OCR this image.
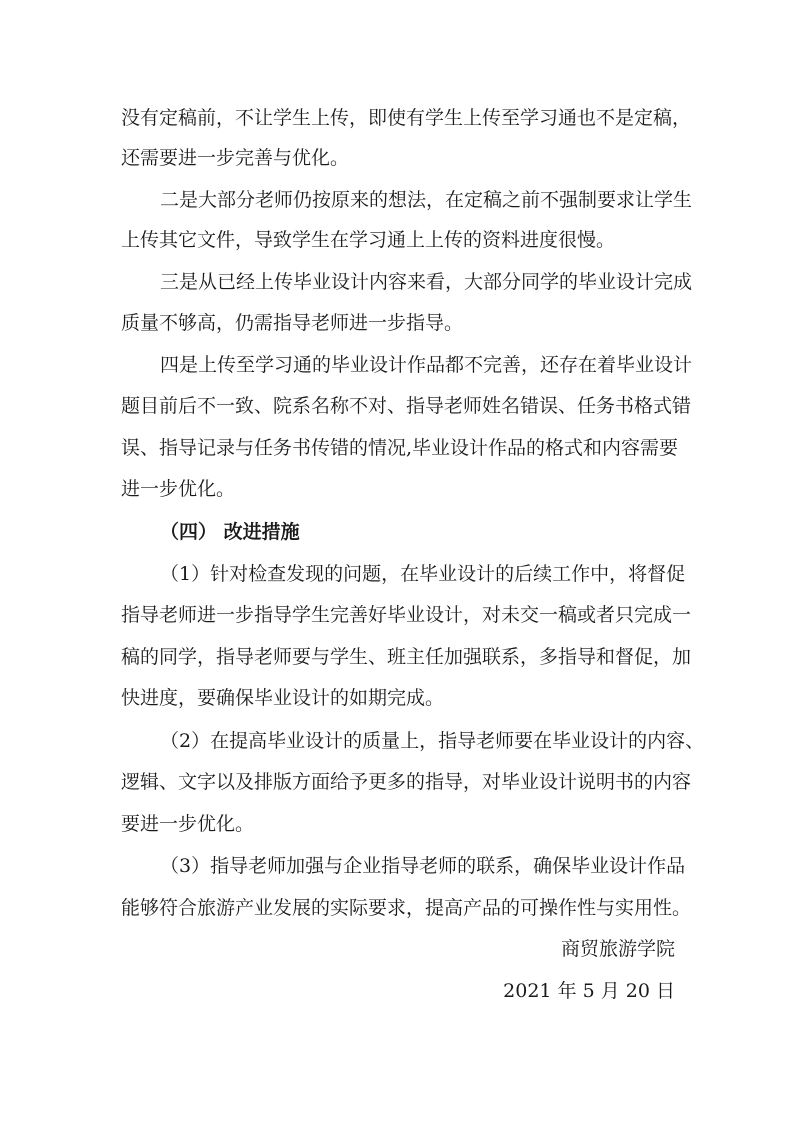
没有定稿前，不让学生上传，即使有学生上传至学习通也不是定稿，
还需要进一步完善与优化。
二是大部分老师仍按原来的想法，在定稿之前不强制要求让学生
上传其它文件，导致学生在学习通上上传的资料进度很慢。
三是从已经上传毕业设计内容来看，大部分同学的毕业设计完成
质量不够高，仍需指导老师进一步指导。
四是上传至学习通的毕业设计作品都不完善，还存在着毕业设计
题目前后不一致、院系名称不对、指导老师姓名错误、任务书格式错
误、指导记录与任务书传错的情况,毕业设计作品的格式和内容需要
进一步优化。
（四） 改进措施
（1）针对检查发现的问题，在毕业设计的后续工作中，将督促
指导老师进一步指导学生完善好毕业设计，对未交一稿或者只完成一
稿的同学，指导老师要与学生、班主任加强联系，多指导和督促，加
快进度，要确保毕业设计的如期完成。
（2）在提高毕业设计的质量上，指导老师要在毕业设计的内容、
逻辑、文字以及排版方面给予更多的指导，对毕业设计说明书的内容
要进一步优化。
（3）指导老师加强与企业指导老师的联系，确保毕业设计作品
能够符合旅游产业发展的实际要求，提高产品的可操作性与实用性。
商贸旅游学院
2021 年 5 月 20 日
